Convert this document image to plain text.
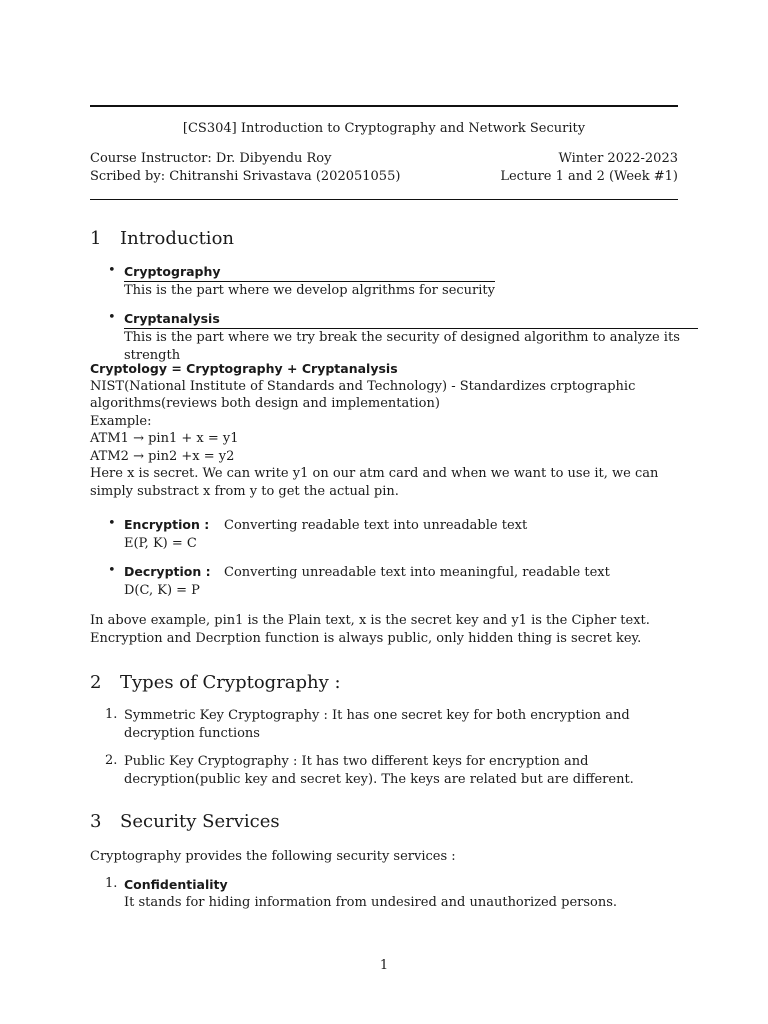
[CS304] Introduction to Cryptography and Network Security
Course Instructor: Dr. Dibyendu Roy	Winter 2022-2023
Scribed by: Chitranshi Srivastava (202051055)	Lecture 1 and 2 (Week #1)
1 Introduction
• Cryptography
This is the part where we develop algrithms for security
• Cryptanalysis
This is the part where we try break the security of designed algorithm to analyze its strength
Cryptology = Cryptography + Cryptanalysis
NIST(National Institute of Standards and Technology) - Standardizes crptographic algorithms(reviews both design and implementation)
Example:
ATM1 → pin1 + x = y1
ATM2 → pin2 +x = y2
Here x is secret. We can write y1 on our atm card and when we want to use it, we can simply substract x from y to get the actual pin.
• Encryption : Converting readable text into unreadable text
E(P, K) = C
• Decryption : Converting unreadable text into meaningful, readable text
D(C, K) = P
In above example, pin1 is the Plain text, x is the secret key and y1 is the Cipher text. Encryption and Decrption function is always public, only hidden thing is secret key.
2 Types of Cryptography :
1. Symmetric Key Cryptography : It has one secret key for both encryption and decryption functions
2. Public Key Cryptography : It has two different keys for encryption and decryption(public key and secret key). The keys are related but are different.
3 Security Services
Cryptography provides the following security services :
1. Confidentiality
It stands for hiding information from undesired and unauthorized persons.
1
